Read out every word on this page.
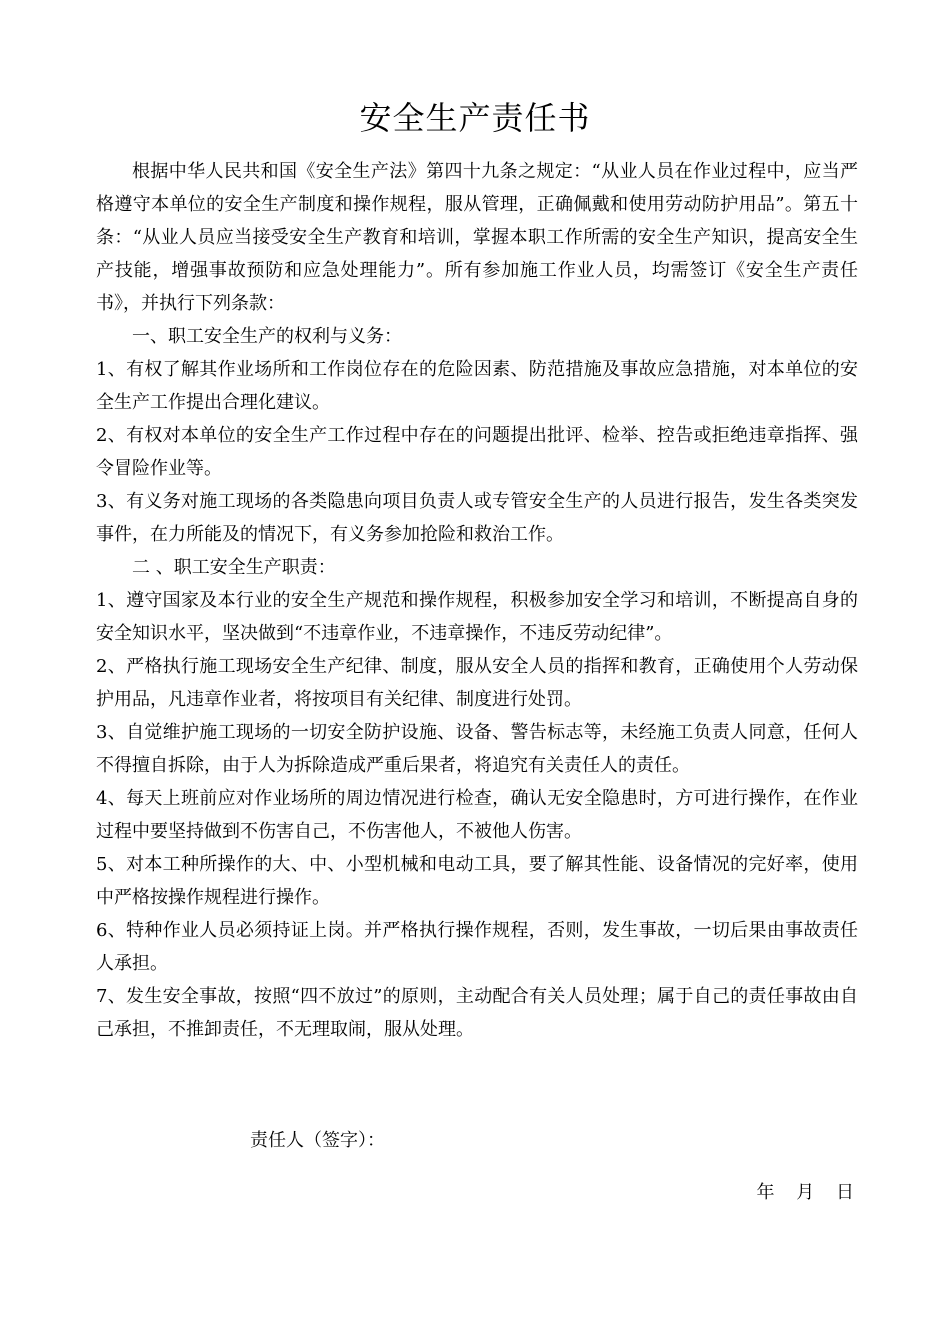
安全生产责任书

根据中华人民共和国《安全生产法》第四十九条之规定：“从业人员在作业过程中，应当严格遵守本单位的安全生产制度和操作规程，服从管理，正确佩戴和使用劳动防护用品”。第五十条：“从业人员应当接受安全生产教育和培训，掌握本职工作所需的安全生产知识，提高安全生产技能，增强事故预防和应急处理能力”。所有参加施工作业人员，均需签订《安全生产责任书》，并执行下列条款：

一、职工安全生产的权利与义务：

1、有权了解其作业场所和工作岗位存在的危险因素、防范措施及事故应急措施，对本单位的安全生产工作提出合理化建议。

2、有权对本单位的安全生产工作过程中存在的问题提出批评、检举、控告或拒绝违章指挥、强令冒险作业等。

3、有义务对施工现场的各类隐患向项目负责人或专管安全生产的人员进行报告，发生各类突发事件，在力所能及的情况下，有义务参加抢险和救治工作。

二 、职工安全生产职责：

1、遵守国家及本行业的安全生产规范和操作规程，积极参加安全学习和培训，不断提高自身的安全知识水平，坚决做到“不违章作业，不违章操作，不违反劳动纪律”。

2、严格执行施工现场安全生产纪律、制度，服从安全人员的指挥和教育，正确使用个人劳动保护用品，凡违章作业者，将按项目有关纪律、制度进行处罚。

3、自觉维护施工现场的一切安全防护设施、设备、警告标志等，未经施工负责人同意，任何人不得擅自拆除，由于人为拆除造成严重后果者，将追究有关责任人的责任。

4、每天上班前应对作业场所的周边情况进行检查，确认无安全隐患时，方可进行操作，在作业过程中要坚持做到不伤害自己，不伤害他人，不被他人伤害。

5、对本工种所操作的大、中、小型机械和电动工具，要了解其性能、设备情况的完好率，使用中严格按操作规程进行操作。

6、特种作业人员必须持证上岗。并严格执行操作规程，否则，发生事故，一切后果由事故责任人承担。

7、发生安全事故，按照“四不放过”的原则，主动配合有关人员处理；属于自己的责任事故由自己承担，不推卸责任，不无理取闹，服从处理。

责任人（签字）：
年 月 日
